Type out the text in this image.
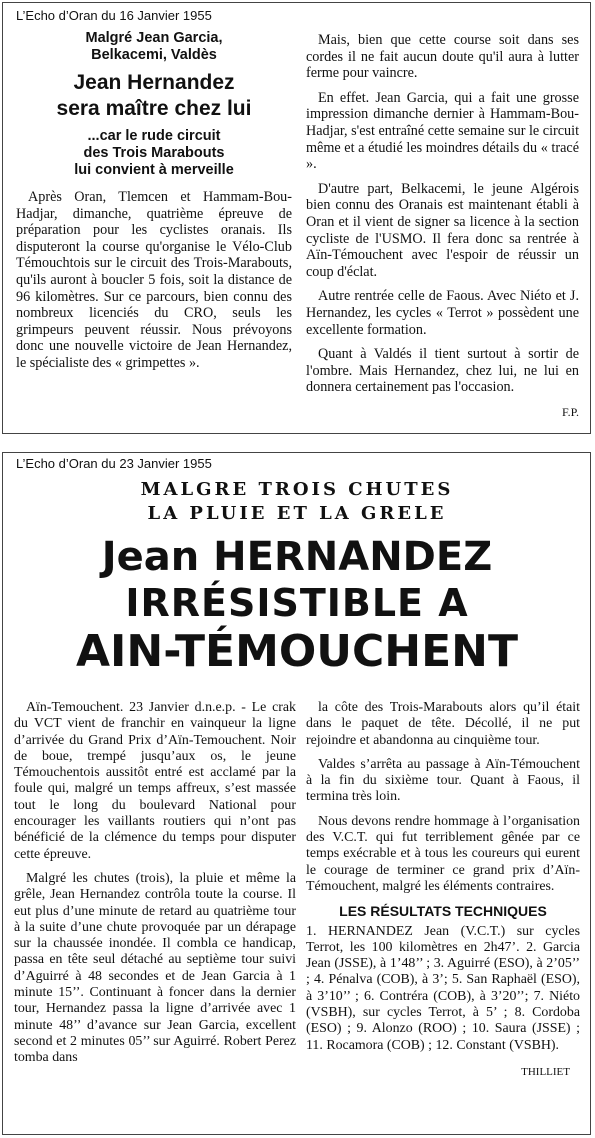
L’Echo d’Oran du 16 Janvier 1955
Malgré Jean Garcia,
Belkacemi, Valdès
Jean Hernandez
sera maître chez lui
...car le rude circuit
des Trois Marabouts
lui convient à merveille

Après Oran, Tlemcen et Hammam-Bou-Hadjar, dimanche, quatrième épreuve de préparation pour les cyclistes oranais. Ils disputeront la course qu'organise le Vélo-Club Témouchtois sur le circuit des Trois-Marabouts, qu'ils auront à boucler 5 fois, soit la distance de 96 kilomètres. Sur ce parcours, bien connu des nombreux licenciés du CRO, seuls les grimpeurs peuvent réussir. Nous prévoyons donc une nouvelle victoire de Jean Hernandez, le spécialiste des « grimpettes ».

Mais, bien que cette course soit dans ses cordes il ne fait aucun doute qu'il aura à lutter ferme pour vaincre.

En effet. Jean Garcia, qui a fait une grosse impression dimanche dernier à Hammam-Bou-Hadjar, s'est entraîné cette semaine sur le circuit même et a étudié les moindres détails du « tracé ».

D'autre part, Belkacemi, le jeune Algérois bien connu des Oranais est maintenant établi à Oran et il vient de signer sa licence à la section cycliste de l'USMO. Il fera donc sa rentrée à Aïn-Témouchent avec l'espoir de réussir un coup d'éclat.

Autre rentrée celle de Faous. Avec Niéto et J. Hernandez, les cycles « Terrot » possèdent une excellente formation.

Quant à Valdés il tient surtout à sortir de l'ombre. Mais Hernandez, chez lui, ne lui en donnera certainement pas l'occasion.

F.P.
L’Echo d’Oran du 23 Janvier 1955
MALGRE TROIS CHUTES
LA PLUIE ET LA GRELE
Jean HERNANDEZ
IRRÉSISTIBLE A
AIN-TÉMOUCHENT

Aïn-Temouchent. 23 Janvier d.n.e.p. - Le crak du VCT vient de franchir en vainqueur la ligne d’arrivée du Grand Prix d’Aïn-Temouchent. Noir de boue, trempé jusqu’aux os, le jeune Témouchentois aussitôt entré est acclamé par la foule qui, malgré un temps affreux, s’est massée tout le long du boulevard National pour encourager les vaillants routiers qui n’ont pas bénéficié de la clémence du temps pour disputer cette épreuve.

Malgré les chutes (trois), la pluie et même la grêle, Jean Hernandez contrôla toute la course. Il eut plus d’une minute de retard au quatrième tour à la suite d’une chute provoquée par un dérapage sur la chaussée inondée. Il combla ce handicap, passa en tête seul détaché au septième tour suivi d’Aguirré à 48 secondes et de Jean Garcia à 1 minute 15’’. Continuant à foncer dans la dernier tour, Hernandez passa la ligne d’arrivée avec 1 minute 48’’ d’avance sur Jean Garcia, excellent second et 2 minutes 05’’ sur Aguirré. Robert Perez tomba dans

la côte des Trois-Marabouts alors qu’il était dans le paquet de tête. Décollé, il ne put rejoindre et abandonna au cinquième tour.

Valdes s’arrêta au passage à Aïn-Témouchent à la fin du sixième tour. Quant à Faous, il termina très loin.

Nous devons rendre hommage à l’organisation des V.C.T. qui fut terriblement gênée par ce temps exécrable et à tous les coureurs qui eurent le courage de terminer ce grand prix d’Aïn-Témouchent, malgré les éléments contraires.

LES RÉSULTATS TECHNIQUES

1. HERNANDEZ Jean (V.C.T.) sur cycles Terrot, les 100 kilomètres en 2h47’. 2. Garcia Jean (JSSE), à 1’48’’ ; 3. Aguirré (ESO), à 2’05’’ ; 4. Pénalva (COB), à 3’; 5. San Raphaël (ESO), à 3’10’’ ; 6. Contréra (COB), à 3’20’’; 7. Niéto (VSBH), sur cycles Terrot, à 5’ ; 8. Cordoba (ESO) ; 9. Alonzo (ROO) ; 10. Saura (JSSE) ; 11. Rocamora (COB) ; 12. Constant (VSBH).

THILLIET
